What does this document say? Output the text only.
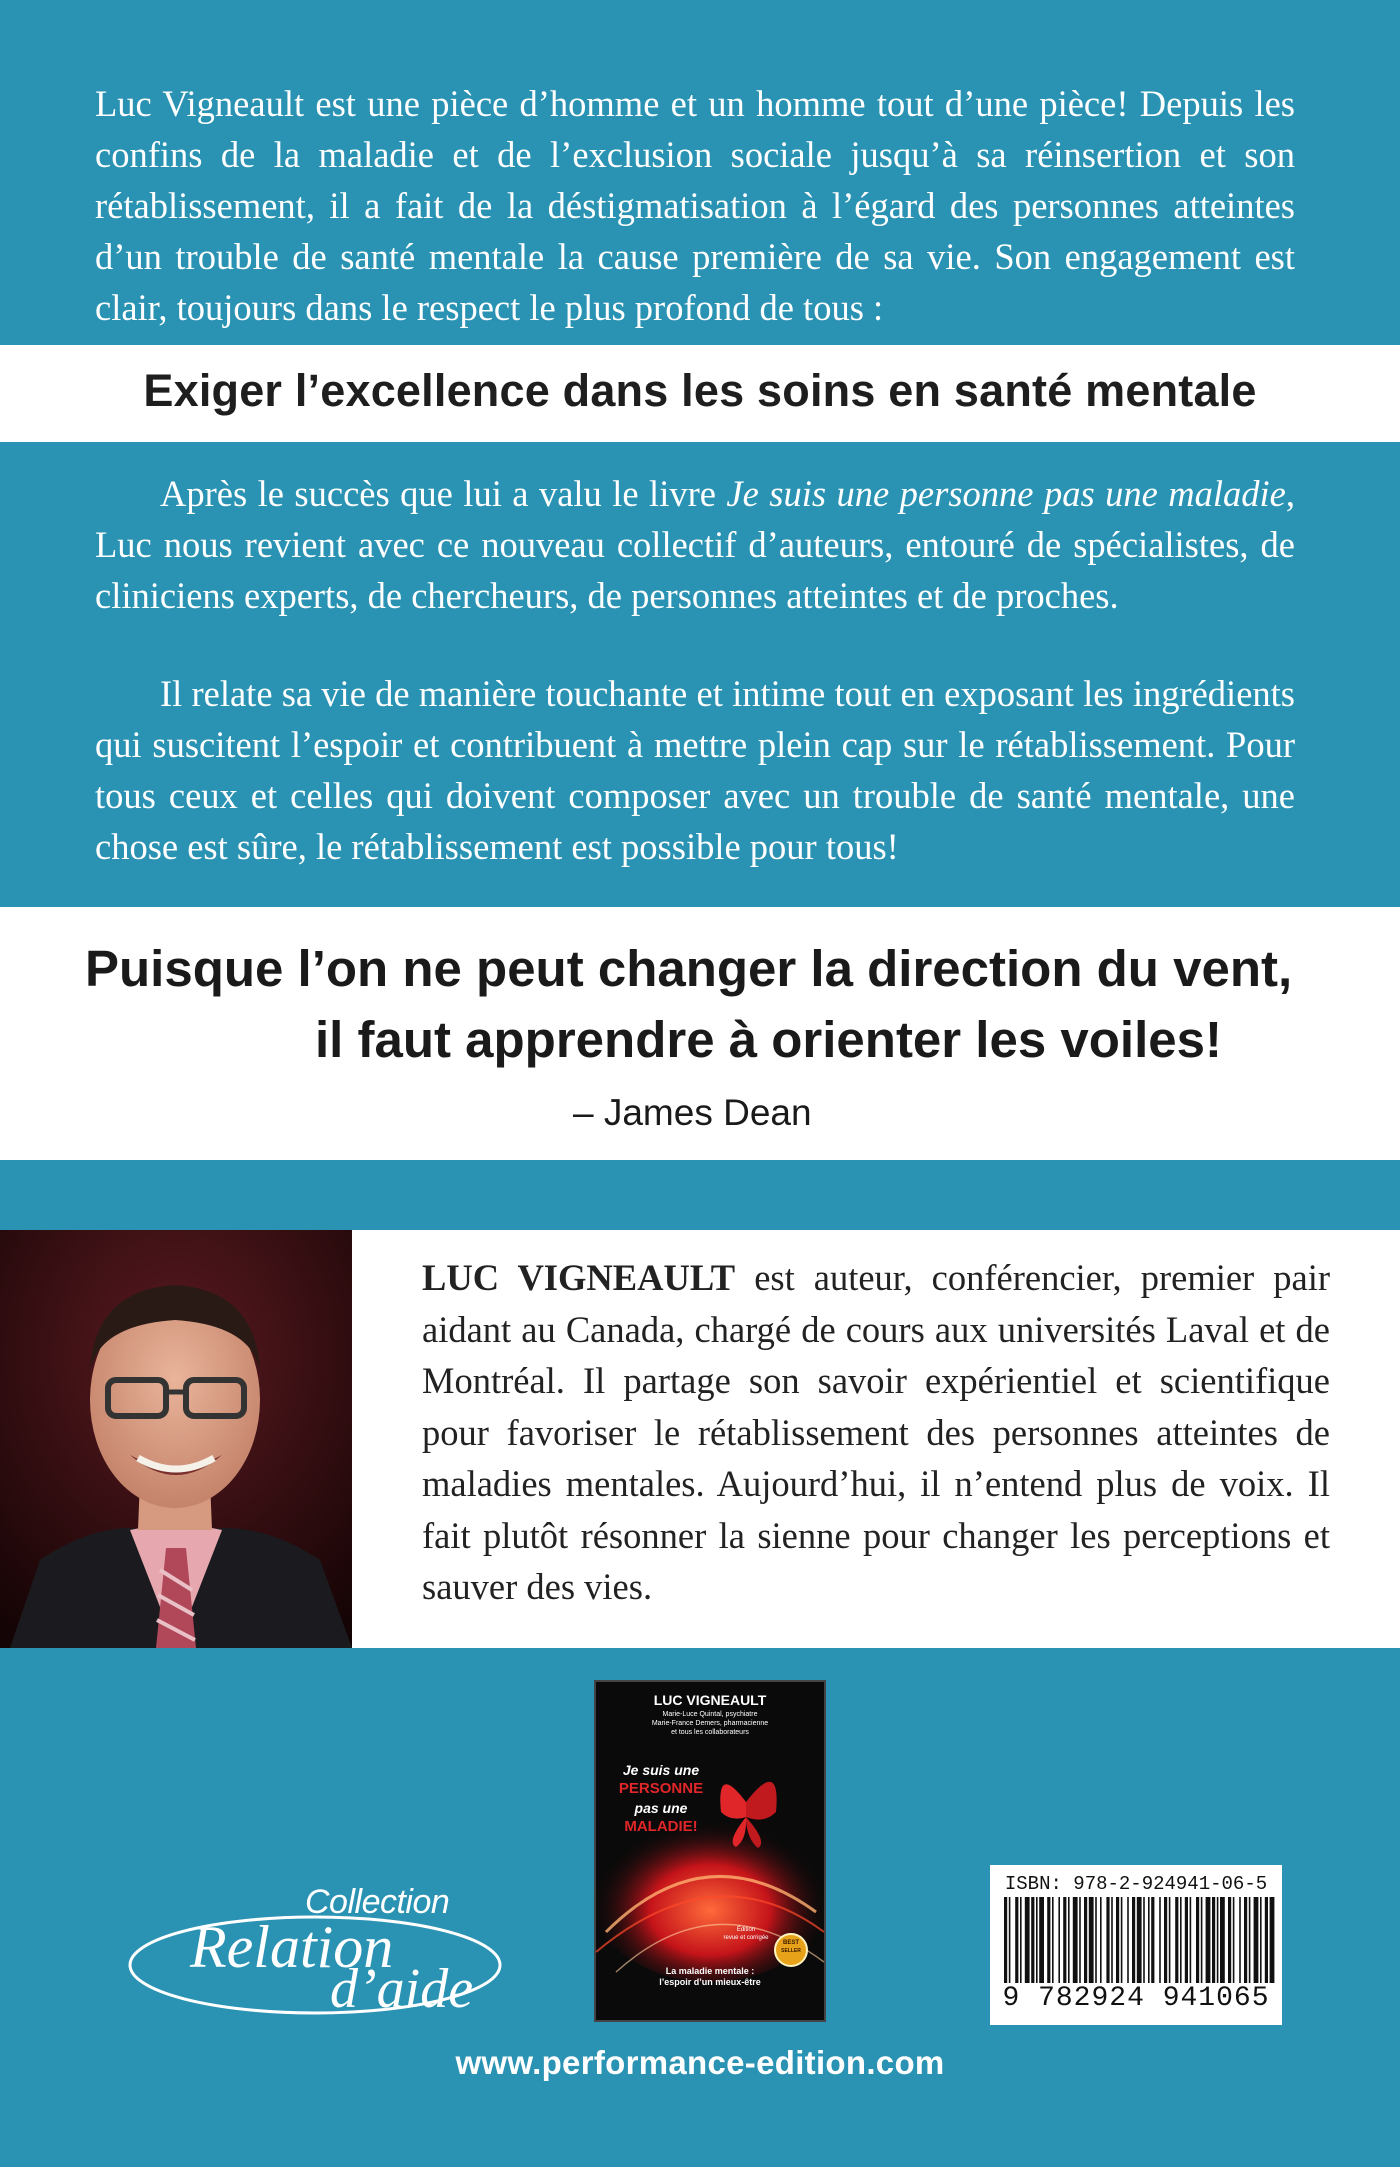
Luc Vigneault est une pièce d’homme et un homme tout d’une pièce! Depuis les confins de la maladie et de l’exclusion sociale jusqu’à sa réinsertion et son rétablissement, il a fait de la déstigmatisation à l’égard des personnes atteintes d’un trouble de santé mentale la cause première de sa vie. Son engagement est clair, toujours dans le respect le plus profond de tous :
Exiger l’excellence dans les soins en santé mentale
Après le succès que lui a valu le livre Je suis une personne pas une maladie, Luc nous revient avec ce nouveau collectif d’auteurs, entouré de spécialistes, de cliniciens experts, de chercheurs, de personnes atteintes et de proches.
Il relate sa vie de manière touchante et intime tout en exposant les ingrédients qui suscitent l’espoir et contribuent à mettre plein cap sur le rétablissement. Pour tous ceux et celles qui doivent composer avec un trouble de santé mentale, une chose est sûre, le rétablissement est possible pour tous!
Puisque l’on ne peut changer la direction du vent,
il faut apprendre à orienter les voiles!
– James Dean
LUC VIGNEAULT est auteur, conférencier, premier pair aidant au Canada, chargé de cours aux universités Laval et de Montréal. Il partage son savoir expérientiel et scientifique pour favoriser le rétablissement des personnes atteintes de maladies mentales. Aujourd’hui, il n’entend plus de voix. Il fait plutôt résonner la sienne pour changer les perceptions et sauver des vies.
Collection
Relation
d’aide
LUC VIGNEAULT
Marie-Luce Quintal, psychiatre
Marie-France Demers, pharmacienne
et tous les collaborateurs
Je suis une
PERSONNE
pas une
MALADIE!
Édition
revue et corrigée
BEST
SELLER
La maladie mentale :
l’espoir d’un mieux-être
ISBN: 978-2-924941-06-5
9 782924 941065
www.performance-edition.com
